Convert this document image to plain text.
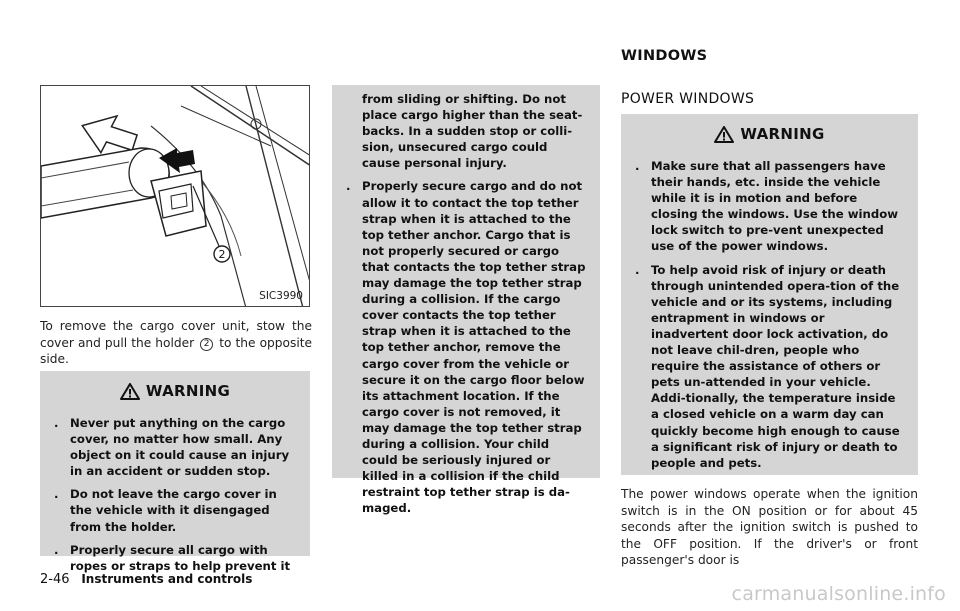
WINDOWS
2
SIC3990
To remove the cargo cover unit, stow the cover and pull the holder 2 to the opposite side.
WARNING
. Never put anything on the cargo cover, no matter how small. Any object on it could cause an injury in an accident or sudden stop.
. Do not leave the cargo cover in the vehicle with it disengaged from the holder.
. Properly secure all cargo with ropes or straps to help prevent it
from sliding or shifting. Do not place cargo higher than the seat-backs. In a sudden stop or colli-sion, unsecured cargo could cause personal injury.
. Properly secure cargo and do not allow it to contact the top tether strap when it is attached to the top tether anchor. Cargo that is not properly secured or cargo that contacts the top tether strap may damage the top tether strap during a collision. If the cargo cover contacts the top tether strap when it is attached to the top tether anchor, remove the cargo cover from the vehicle or secure it on the cargo floor below its attachment location. If the cargo cover is not removed, it may damage the top tether strap during a collision. Your child could be seriously injured or killed in a collision if the child restraint top tether strap is da-maged.
POWER WINDOWS
WARNING
. Make sure that all passengers have their hands, etc. inside the vehicle while it is in motion and before closing the windows. Use the window lock switch to pre-vent unexpected use of the power windows.
. To help avoid risk of injury or death through unintended opera-tion of the vehicle and or its systems, including entrapment in windows or inadvertent door lock activation, do not leave chil-dren, people who require the assistance of others or pets un-attended in your vehicle. Addi-tionally, the temperature inside a closed vehicle on a warm day can quickly become high enough to cause a significant risk of injury or death to people and pets.
The power windows operate when the ignition switch is in the ON position or for about 45 seconds after the ignition switch is pushed to the OFF position. If the driver's or front passenger's door is
2-46 Instruments and controls
carmanualsonline.info
